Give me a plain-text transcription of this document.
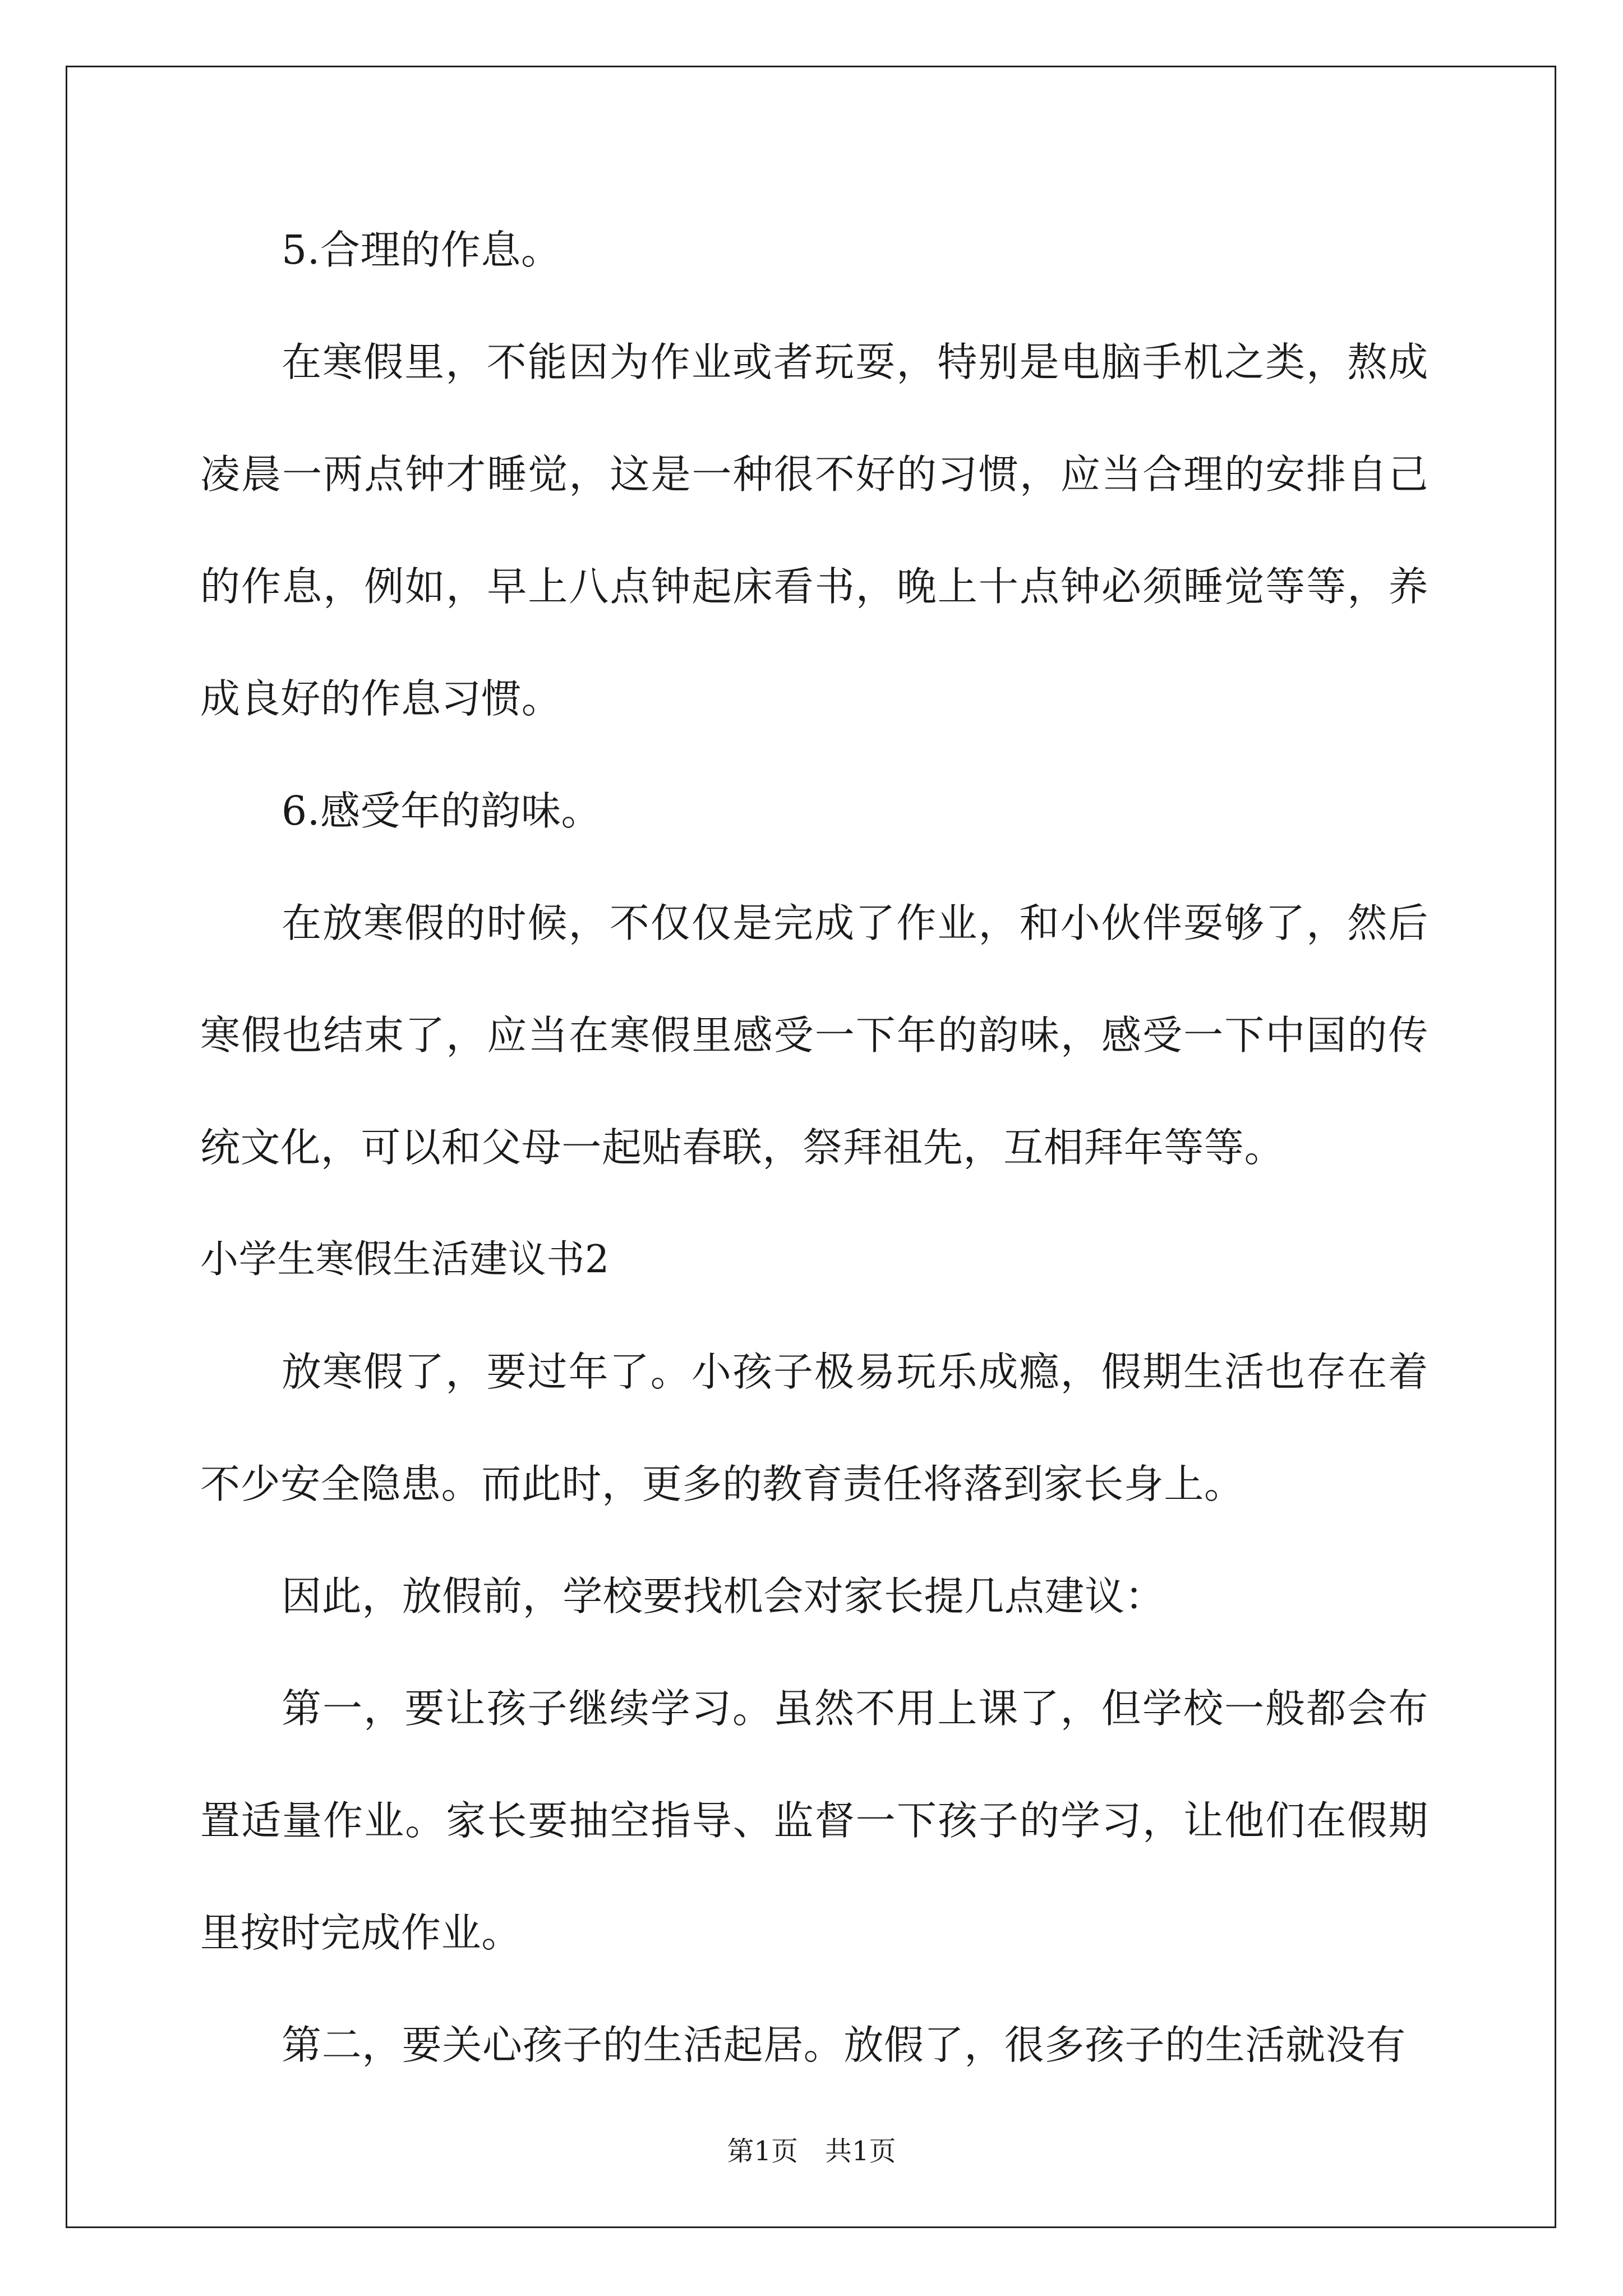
5.合理的作息。
在寒假里，不能因为作业或者玩耍，特别是电脑手机之类，熬成凌晨一两点钟才睡觉，这是一种很不好的习惯，应当合理的安排自己的作息，例如，早上八点钟起床看书，晚上十点钟必须睡觉等等，养成良好的作息习惯。
6.感受年的韵味。
在放寒假的时候，不仅仅是完成了作业，和小伙伴耍够了，然后寒假也结束了，应当在寒假里感受一下年的韵味，感受一下中国的传统文化，可以和父母一起贴春联，祭拜祖先，互相拜年等等。
小学生寒假生活建议书2
放寒假了，要过年了。小孩子极易玩乐成瘾，假期生活也存在着不少安全隐患。而此时，更多的教育责任将落到家长身上。
因此，放假前，学校要找机会对家长提几点建议：
第一，要让孩子继续学习。虽然不用上课了，但学校一般都会布置适量作业。家长要抽空指导、监督一下孩子的学习，让他们在假期里按时完成作业。
第二，要关心孩子的生活起居。放假了，很多孩子的生活就没有
第1页　共1页
